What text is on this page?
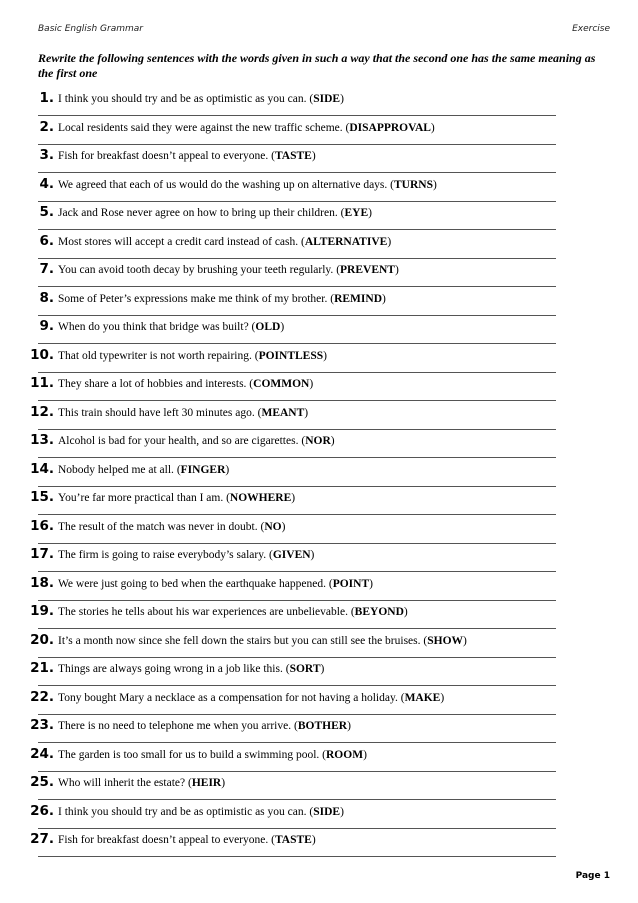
Basic English Grammar	Exercise
Rewrite the following sentences with the words given in such a way that the second one has the same meaning as the first one
1. I think you should try and be as optimistic as you can. (SIDE)
2. Local residents said they were against the new traffic scheme. (DISAPPROVAL)
3. Fish for breakfast doesn’t appeal to everyone. (TASTE)
4. We agreed that each of us would do the washing up on alternative days. (TURNS)
5. Jack and Rose never agree on how to bring up their children. (EYE)
6. Most stores will accept a credit card instead of cash. (ALTERNATIVE)
7. You can avoid tooth decay by brushing your teeth regularly. (PREVENT)
8. Some of Peter’s expressions make me think of my brother. (REMIND)
9. When do you think that bridge was built? (OLD)
10. That old typewriter is not worth repairing. (POINTLESS)
11. They share a lot of hobbies and interests. (COMMON)
12. This train should have left 30 minutes ago. (MEANT)
13. Alcohol is bad for your health, and so are cigarettes. (NOR)
14. Nobody helped me at all. (FINGER)
15. You’re far more practical than I am. (NOWHERE)
16. The result of the match was never in doubt. (NO)
17. The firm is going to raise everybody’s salary. (GIVEN)
18. We were just going to bed when the earthquake happened. (POINT)
19. The stories he tells about his war experiences are unbelievable. (BEYOND)
20. It’s a month now since she fell down the stairs but you can still see the bruises. (SHOW)
21. Things are always going wrong in a job like this. (SORT)
22. Tony bought Mary a necklace as a compensation for not having a holiday. (MAKE)
23. There is no need to telephone me when you arrive. (BOTHER)
24. The garden is too small for us to build a swimming pool. (ROOM)
25. Who will inherit the estate? (HEIR)
26. I think you should try and be as optimistic as you can. (SIDE)
27. Fish for breakfast doesn’t appeal to everyone. (TASTE)
Page 1
